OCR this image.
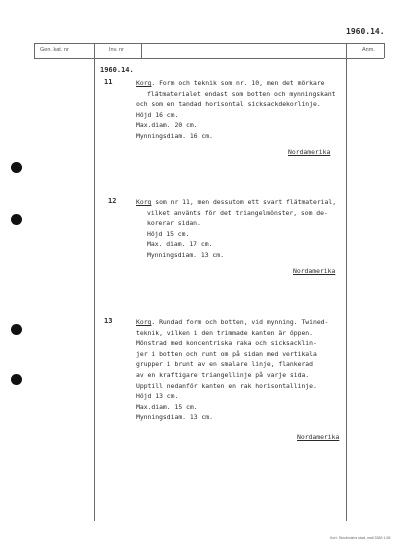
1960.14.
Gen. kat. nr	Inv. nr	Anm.
1960.14.
11	Korg. Form och teknik som nr. 10, men det mörkare
flätmaterialet endast som botten och mynningskant
och som en tandad horisontal sicksackdekorlinje.
Höjd 16 cm.
Max.diam. 20 cm.
Mynningsdiam. 16 cm.
Nordamerika
12	Korg som nr 11, men dessutom ett svart flätmaterial,
vilket använts för det triangelmönster, som de-
korerar sidan.
Höjd 15 cm.
Max. diam. 17 cm.
Mynningsdiam. 13 cm.
Nordamerika
13	Korg. Rundad form och botten, vid mynning. Twined-
teknik, vilken i den trimmade kanten är öppen.
Mönstrad med koncentriska raka och sicksacklin-
jer i botten och runt om på sidan med vertikala
grupper i brunt av en smalare linje, flankerad
av en kraftigare triangellinje på varje sida.
Upptill nedanför kanten en rak horisontallinje.
Höjd 13 cm.
Max.diam. 15 cm.
Mynningsdiam. 13 cm.
Nordamerika
Kort: Stockholms stad, mall 3389 1.65
